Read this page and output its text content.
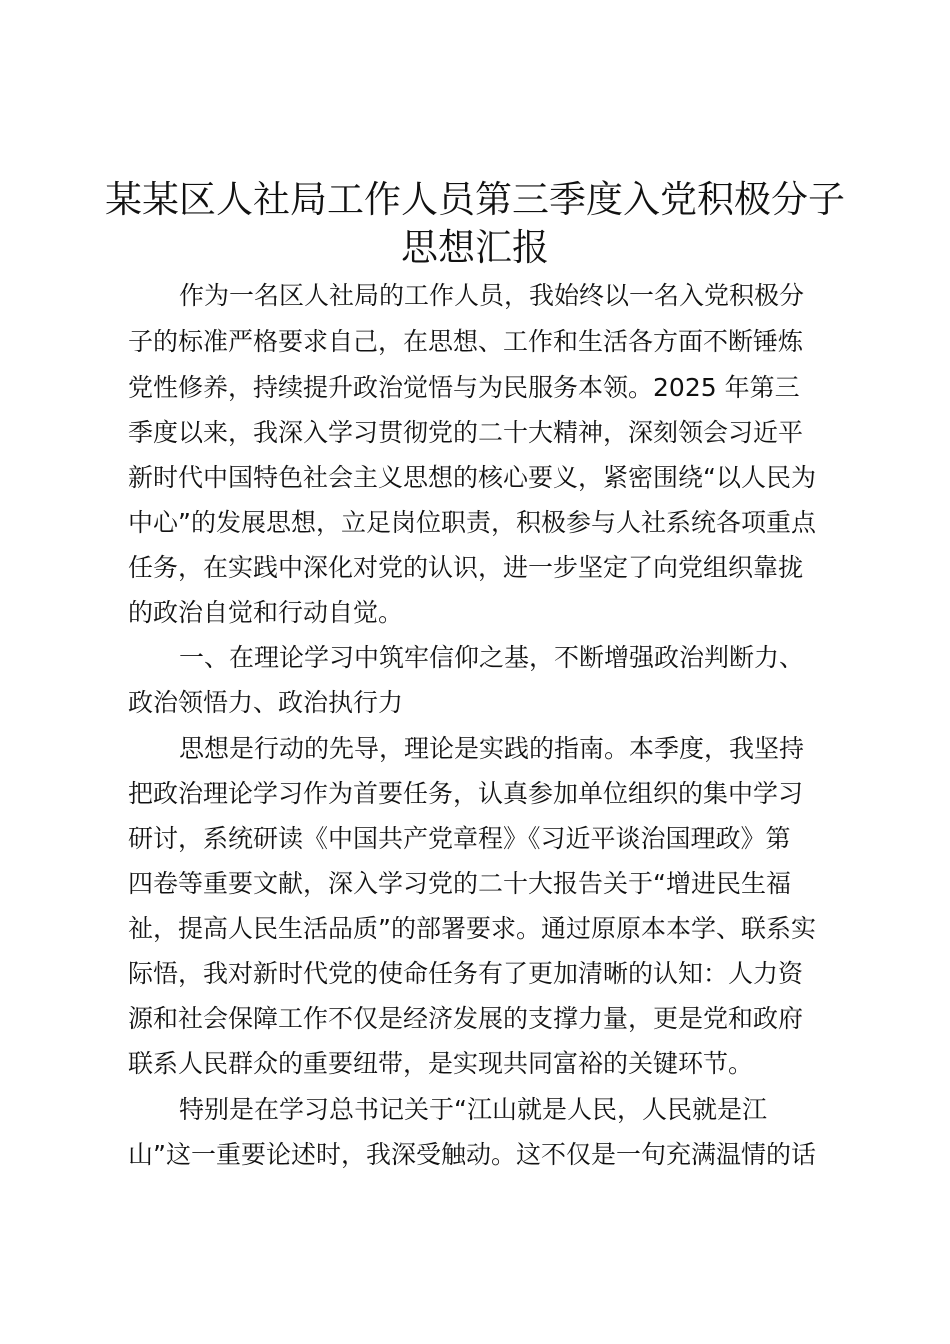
某某区人社局工作人员第三季度入党积极分子
思想汇报
作为一名区人社局的工作人员，我始终以一名入党积极分
子的标准严格要求自己，在思想、工作和生活各方面不断锤炼
党性修养，持续提升政治觉悟与为民服务本领。2025 年第三
季度以来，我深入学习贯彻党的二十大精神，深刻领会习近平
新时代中国特色社会主义思想的核心要义，紧密围绕“以人民为
中心”的发展思想，立足岗位职责，积极参与人社系统各项重点
任务，在实践中深化对党的认识，进一步坚定了向党组织靠拢
的政治自觉和行动自觉。
一、在理论学习中筑牢信仰之基，不断增强政治判断力、
政治领悟力、政治执行力
思想是行动的先导，理论是实践的指南。本季度，我坚持
把政治理论学习作为首要任务，认真参加单位组织的集中学习
研讨，系统研读《中国共产党章程》《习近平谈治国理政》第
四卷等重要文献，深入学习党的二十大报告关于“增进民生福
祉，提高人民生活品质”的部署要求。通过原原本本学、联系实
际悟，我对新时代党的使命任务有了更加清晰的认知：人力资
源和社会保障工作不仅是经济发展的支撑力量，更是党和政府
联系人民群众的重要纽带，是实现共同富裕的关键环节。
特别是在学习总书记关于“江山就是人民，人民就是江
山”这一重要论述时，我深受触动。这不仅是一句充满温情的话
